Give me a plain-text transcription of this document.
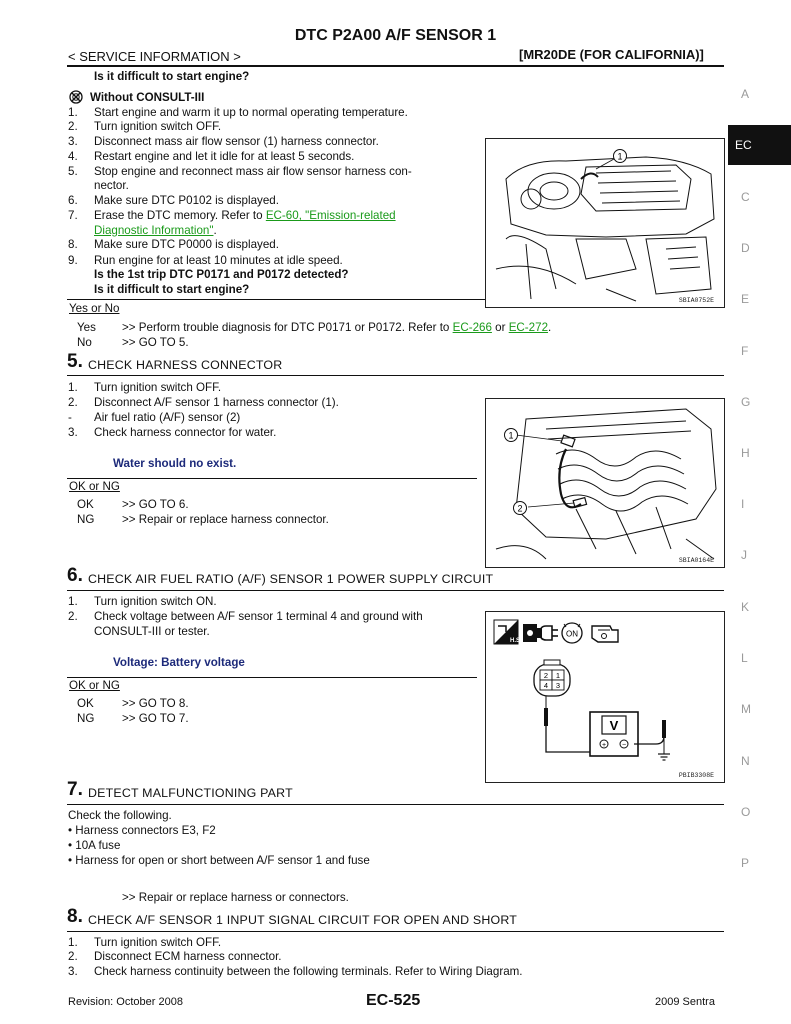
DTC P2A00 A/F SENSOR 1
< SERVICE INFORMATION >	[MR20DE (FOR CALIFORNIA)]
A
EC
C
D
E
F
G
H
I
J
K
L
M
N
O
P
Is it difficult to start engine?
Without CONSULT-III
1. Start engine and warm it up to normal operating temperature.
2. Turn ignition switch OFF.
3. Disconnect mass air flow sensor (1) harness connector.
4. Restart engine and let it idle for at least 5 seconds.
5. Stop engine and reconnect mass air flow sensor harness con-
nector.
6. Make sure DTC P0102 is displayed.
7. Erase the DTC memory. Refer to EC-60, "Emission-related
Diagnostic Information".
8. Make sure DTC P0000 is displayed.
9. Run engine for at least 10 minutes at idle speed.
Is the 1st trip DTC P0171 and P0172 detected?
Is it difficult to start engine?
Yes or No
Yes >> Perform trouble diagnosis for DTC P0171 or P0172. Refer to EC-266 or EC-272.
No	>> GO TO 5.
1
SBIA0752E
5. CHECK HARNESS CONNECTOR
1. Turn ignition switch OFF.
2. Disconnect A/F sensor 1 harness connector (1).
- Air fuel ratio (A/F) sensor (2)
3. Check harness connector for water.
Water should no exist.
OK or NG
OK >> GO TO 6.
NG >> Repair or replace harness connector.
1
2
SBIA0164E
6. CHECK AIR FUEL RATIO (A/F) SENSOR 1 POWER SUPPLY CIRCUIT
1. Turn ignition switch ON.
2. Check voltage between A/F sensor 1 terminal 4 and ground with
CONSULT-III or tester.
Voltage: Battery voltage
OK or NG
OK >> GO TO 8.
NG >> GO TO 7.
H.S.
ON
2 1
4 3
V
+ −
PBIB3308E
7. DETECT MALFUNCTIONING PART
Check the following.
• Harness connectors E3, F2
• 10A fuse
• Harness for open or short between A/F sensor 1 and fuse
>> Repair or replace harness or connectors.
8. CHECK A/F SENSOR 1 INPUT SIGNAL CIRCUIT FOR OPEN AND SHORT
1. Turn ignition switch OFF.
2. Disconnect ECM harness connector.
3. Check harness continuity between the following terminals. Refer to Wiring Diagram.
Revision: October 2008	EC-525	2009 Sentra
